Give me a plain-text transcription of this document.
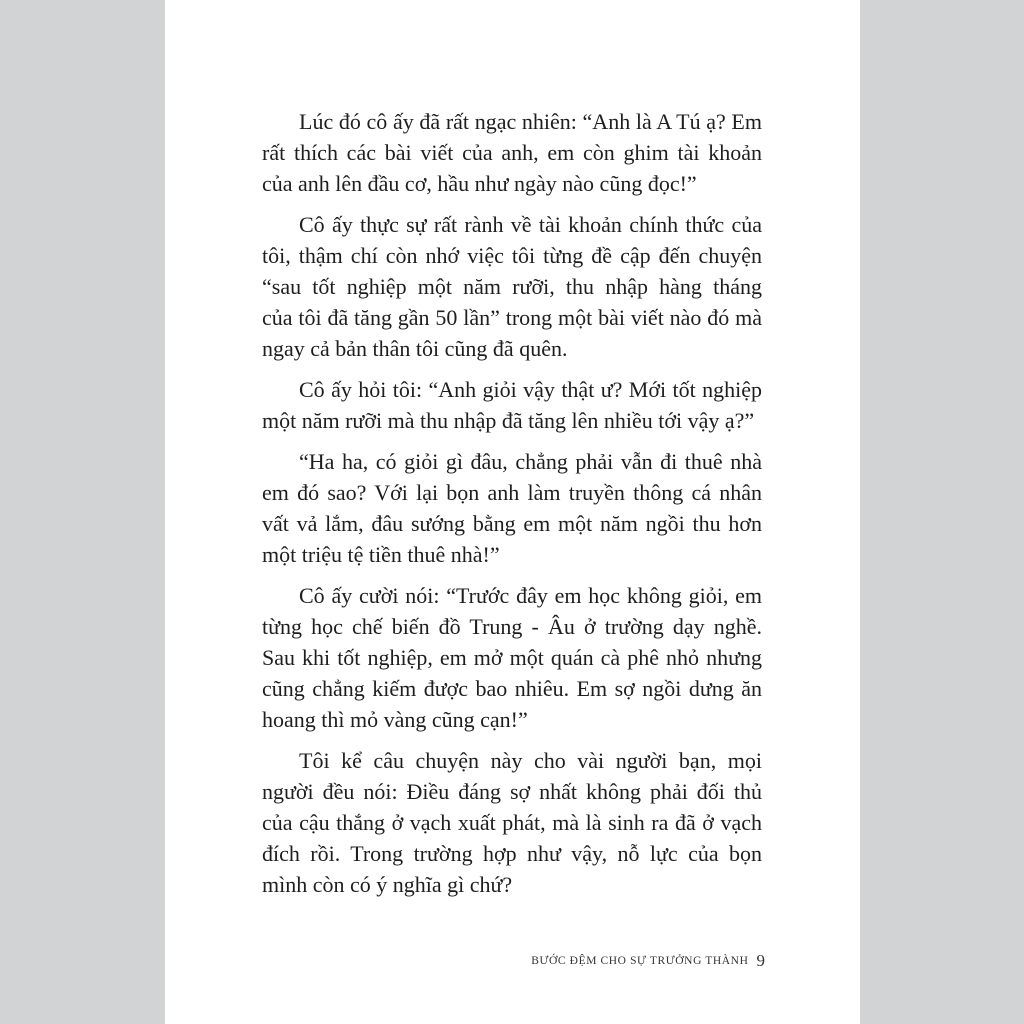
Lúc đó cô ấy đã rất ngạc nhiên: “Anh là A Tú ạ? Em
rất thích các bài viết của anh, em còn ghim tài khoản
của anh lên đầu cơ, hầu như ngày nào cũng đọc!”
Cô ấy thực sự rất rành về tài khoản chính thức của
tôi, thậm chí còn nhớ việc tôi từng đề cập đến chuyện
“sau tốt nghiệp một năm rưỡi, thu nhập hàng tháng
của tôi đã tăng gần 50 lần” trong một bài viết nào đó mà
ngay cả bản thân tôi cũng đã quên.
Cô ấy hỏi tôi: “Anh giỏi vậy thật ư? Mới tốt nghiệp
một năm rưỡi mà thu nhập đã tăng lên nhiều tới vậy ạ?”
“Ha ha, có giỏi gì đâu, chẳng phải vẫn đi thuê nhà
em đó sao? Với lại bọn anh làm truyền thông cá nhân
vất vả lắm, đâu sướng bằng em một năm ngồi thu hơn
một triệu tệ tiền thuê nhà!”
Cô ấy cười nói: “Trước đây em học không giỏi, em
từng học chế biến đồ Trung - Âu ở trường dạy nghề.
Sau khi tốt nghiệp, em mở một quán cà phê nhỏ nhưng
cũng chẳng kiếm được bao nhiêu. Em sợ ngồi dưng ăn
hoang thì mỏ vàng cũng cạn!”
Tôi kể câu chuyện này cho vài người bạn, mọi
người đều nói: Điều đáng sợ nhất không phải đối thủ
của cậu thắng ở vạch xuất phát, mà là sinh ra đã ở vạch
đích rồi. Trong trường hợp như vậy, nỗ lực của bọn
mình còn có ý nghĩa gì chứ?
BƯỚC ĐỆM CHO SỰ TRƯỞNG THÀNH 9
